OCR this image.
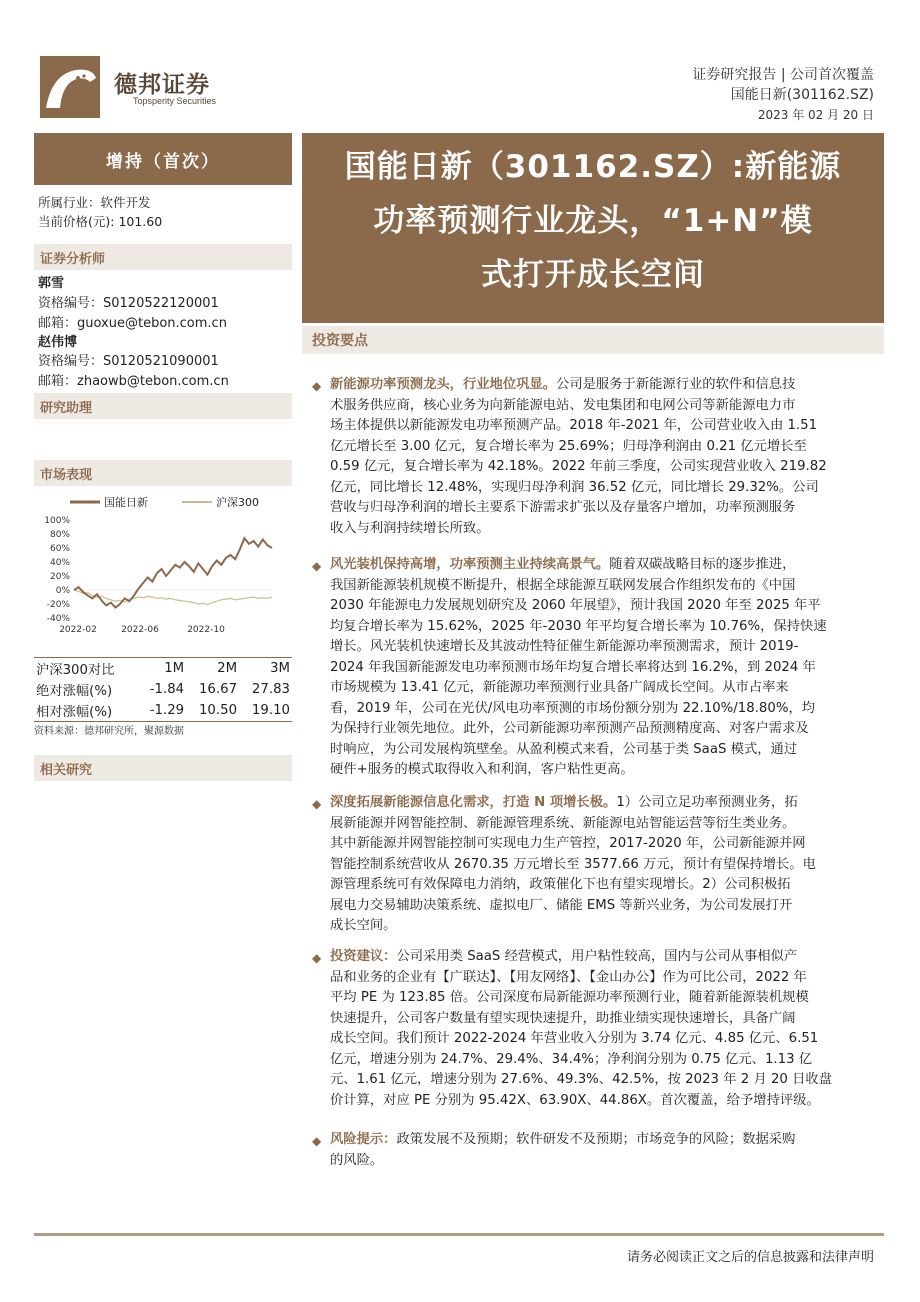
德邦证券
Topsperity Securities
证券研究报告 | 公司首次覆盖
国能日新(301162.SZ)
2023 年 02 月 20 日
增持（首次）	国能日新（301162.SZ）:新能源
功率预测行业龙头，“1+N”模
式打开成长空间
所属行业：软件开发
当前价格(元): 101.60
证券分析师
郭雪
资格编号：S0120522120001
邮箱：guoxue@tebon.com.cn
赵伟博
资格编号：S0120521090001
邮箱：zhaowb@tebon.com.cn
研究助理
市场表现
国能日新	沪深300
100%
80%
60%
40%
20%
0%
-20%
-40%
2022-02	2022-06	2022-10
沪深300对比	1M	2M	3M
绝对涨幅(%)	-1.84	16.67	27.83
相对涨幅(%)	-1.29	10.50	19.10
资料来源：德邦研究所，聚源数据
相关研究
投资要点
◆ 新能源功率预测龙头，行业地位巩显。公司是服务于新能源行业的软件和信息技
术服务供应商，核心业务为向新能源电站、发电集团和电网公司等新能源电力市
场主体提供以新能源发电功率预测产品。2018 年-2021 年，公司营业收入由 1.51
亿元增长至 3.00 亿元，复合增长率为 25.69%；归母净利润由 0.21 亿元增长至
0.59 亿元，复合增长率为 42.18%。2022 年前三季度，公司实现营业收入 219.82
亿元，同比增长 12.48%，实现归母净利润 36.52 亿元，同比增长 29.32%。公司
营收与归母净利润的增长主要系下游需求扩张以及存量客户增加，功率预测服务
收入与利润持续增长所致。
◆ 风光装机保持高增，功率预测主业持续高景气。随着双碳战略目标的逐步推进，
我国新能源装机规模不断提升，根据全球能源互联网发展合作组织发布的《中国
2030 年能源电力发展规划研究及 2060 年展望》，预计我国 2020 年至 2025 年平
均复合增长率为 15.62%，2025 年-2030 年平均复合增长率为 10.76%，保持快速
增长。风光装机快速增长及其波动性特征催生新能源功率预测需求，预计 2019-
2024 年我国新能源发电功率预测市场年均复合增长率将达到 16.2%，到 2024 年
市场规模为 13.41 亿元，新能源功率预测行业具备广阔成长空间。从市占率来
看，2019 年，公司在光伏/风电功率预测的市场份额分别为 22.10%/18.80%，均
为保持行业领先地位。此外，公司新能源功率预测产品预测精度高、对客户需求及
时响应，为公司发展构筑壁垒。从盈利模式来看，公司基于类 SaaS 模式，通过
硬件+服务的模式取得收入和利润，客户粘性更高。
◆ 深度拓展新能源信息化需求，打造 N 项增长极。1）公司立足功率预测业务，拓
展新能源并网智能控制、新能源管理系统、新能源电站智能运营等衍生类业务。
其中新能源并网智能控制可实现电力生产管控，2017-2020 年，公司新能源并网
智能控制系统营收从 2670.35 万元增长至 3577.66 万元，预计有望保持增长。电
源管理系统可有效保障电力消纳，政策催化下也有望实现增长。2）公司积极拓
展电力交易辅助决策系统、虚拟电厂、储能 EMS 等新兴业务，为公司发展打开
成长空间。
◆ 投资建议：公司采用类 SaaS 经营模式，用户粘性较高，国内与公司从事相似产
品和业务的企业有【广联达】、【用友网络】、【金山办公】作为可比公司，2022 年
平均 PE 为 123.85 倍。公司深度布局新能源功率预测行业，随着新能源装机规模
快速提升，公司客户数量有望实现快速提升，助推业绩实现快速增长，具备广阔
成长空间。我们预计 2022-2024 年营业收入分别为 3.74 亿元、4.85 亿元、6.51
亿元，增速分别为 24.7%、29.4%、34.4%；净利润分别为 0.75 亿元、1.13 亿
元、1.61 亿元，增速分别为 27.6%、49.3%、42.5%，按 2023 年 2 月 20 日收盘
价计算，对应 PE 分别为 95.42X、63.90X、44.86X。首次覆盖，给予增持评级。
◆ 风险提示：政策发展不及预期；软件研发不及预期；市场竞争的风险；数据采购
的风险。
请务必阅读正文之后的信息披露和法律声明
